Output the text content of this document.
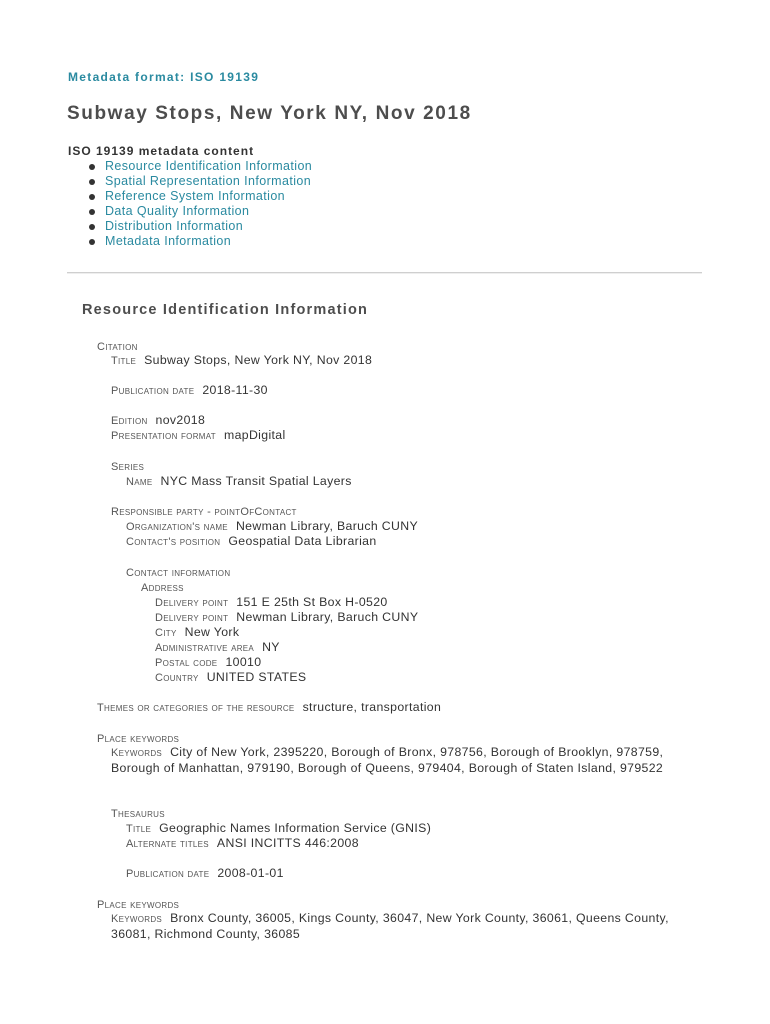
Metadata format: ISO 19139
Subway Stops, New York NY, Nov 2018
ISO 19139 metadata content
Resource Identification Information
Spatial Representation Information
Reference System Information
Data Quality Information
Distribution Information
Metadata Information
Resource Identification Information
Citation
Title Subway Stops, New York NY, Nov 2018
Publication date 2018-11-30
Edition nov2018
Presentation format mapDigital
Series
Name NYC Mass Transit Spatial Layers
Responsible party - pointOfContact
Organization's name Newman Library, Baruch CUNY
Contact's position Geospatial Data Librarian
Contact information
Address
Delivery point 151 E 25th St Box H-0520
Delivery point Newman Library, Baruch CUNY
City New York
Administrative area NY
Postal code 10010
Country UNITED STATES
Themes or categories of the resource structure, transportation
Place keywords
Keywords City of New York, 2395220, Borough of Bronx, 978756, Borough of Brooklyn, 978759, Borough of Manhattan, 979190, Borough of Queens, 979404, Borough of Staten Island, 979522
Thesaurus
Title Geographic Names Information Service (GNIS)
Alternate titles ANSI INCITTS 446:2008
Publication date 2008-01-01
Place keywords
Keywords Bronx County, 36005, Kings County, 36047, New York County, 36061, Queens County, 36081, Richmond County, 36085
